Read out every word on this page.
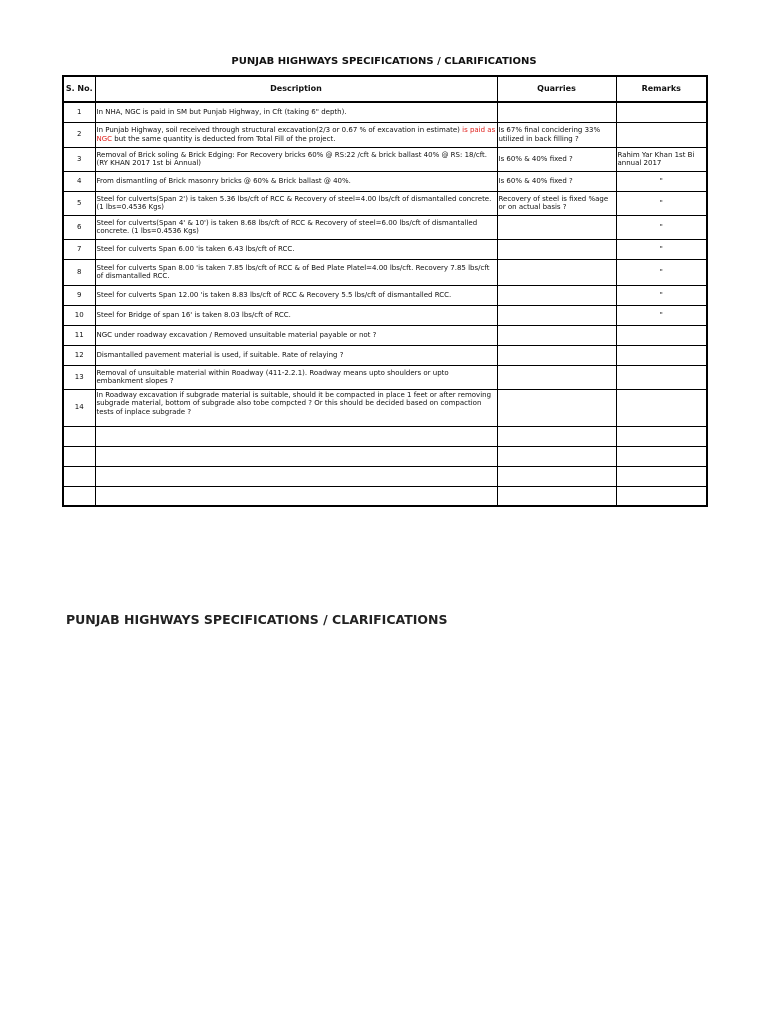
PUNJAB HIGHWAYS SPECIFICATIONS / CLARIFICATIONS
S. No.	Description	Quarries	Remarks
1	In NHA, NGC is paid in SM but Punjab Highway, in Cft (taking 6" depth).		
2	In Punjab Highway, soil received through structural excavation(2/3 or 0.67 % of excavation in estimate) is paid as NGC but the same quantity is deducted from Total Fill of the project.	Is 67% final concidering 33% utilized in back filling ?	
3	Removal of Brick soling & Brick Edging: For Recovery bricks 60% @ RS:22 /cft & brick ballast 40% @ RS: 18/cft. (RY KHAN 2017 1st bi Annual)	Is 60% & 40% fixed ?	Rahim Yar Khan 1st Bi annual 2017
4	From dismantling of Brick masonry bricks @ 60% & Brick ballast @ 40%.	Is 60% & 40% fixed ?	"
5	Steel for culverts(Span 2') is taken 5.36 lbs/cft of RCC & Recovery of steel=4.00 lbs/cft of dismantalled concrete.(1 lbs=0.4536 Kgs)	Recovery of steel is fixed %age or on actual basis ?	"
6	Steel for culverts(Span 4' & 10') is taken 8.68 lbs/cft of RCC & Recovery of steel=6.00 lbs/cft of dismantalled concrete. (1 lbs=0.4536 Kgs)		"
7	Steel for culverts Span 6.00 'is taken 6.43 lbs/cft of RCC.		"
8	Steel for culverts Span 8.00 'is taken 7.85 lbs/cft of RCC & of Bed Plate Platel=4.00 lbs/cft. Recovery 7.85 lbs/cft of dismantalled RCC.		"
9	Steel for culverts Span 12.00 'is taken 8.83 lbs/cft of RCC & Recovery 5.5 lbs/cft of dismantalled RCC.		"
10	Steel for Bridge of span 16' is taken 8.03 lbs/cft of RCC.		"
11	NGC under roadway excavation / Removed unsuitable material payable or not ?		
12	Dismantalled pavement material is used, if suitable. Rate of relaying ?		
13	Removal of unsuitable material within Roadway (411-2.2.1). Roadway means upto shoulders or upto embankment slopes ?		
14	In Roadway excavation if subgrade material is suitable, should it be compacted in place 1 feet or after removing subgrade material, bottom of subgrade also tobe compcted ? Or this should be decided based on compaction tests of inplace subgrade ?		

PUNJAB HIGHWAYS SPECIFICATIONS / CLARIFICATIONS
